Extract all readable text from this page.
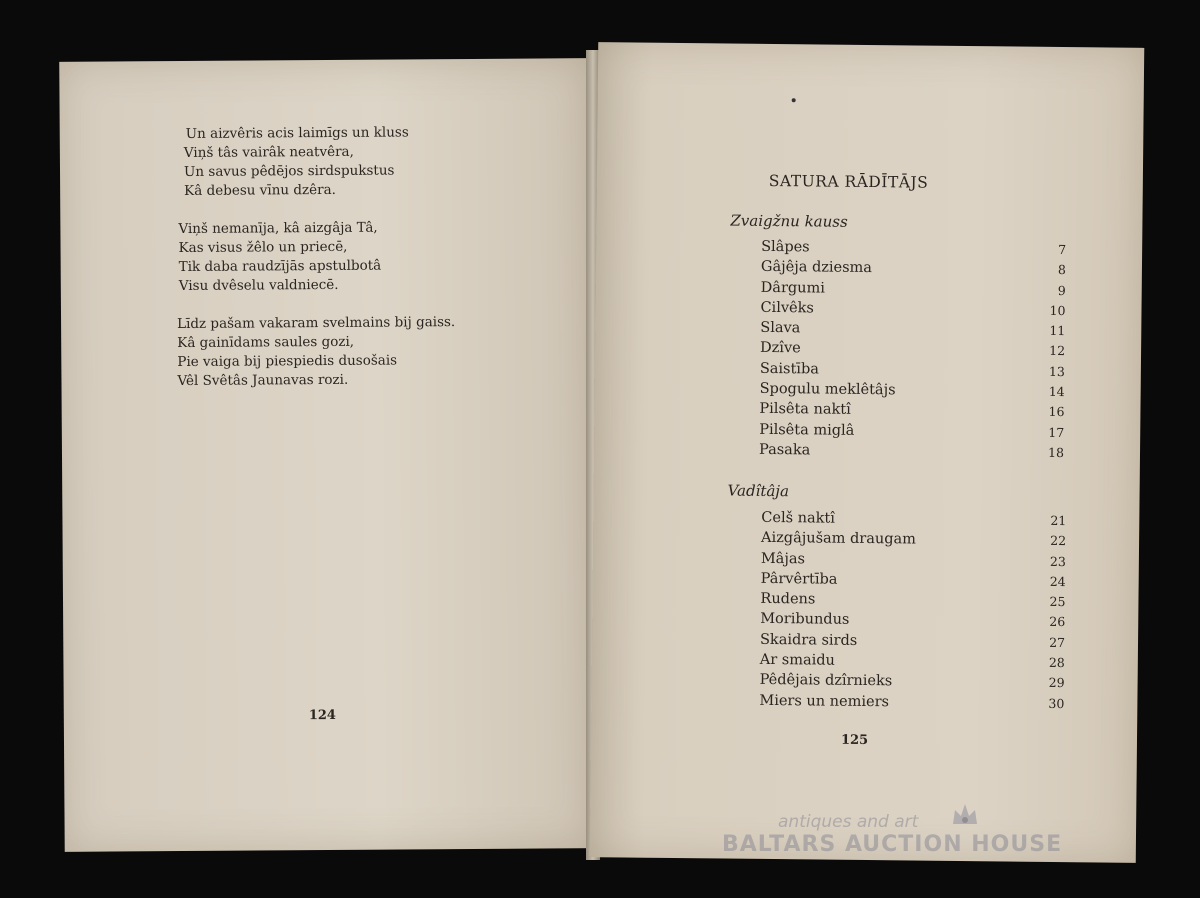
Un aizvêris acis laimīgs un kluss
Viņš tâs vairâk neatvêra,
Un savus pêdējos sirdspukstus
Kâ debesu vīnu dzêra.
Viņš nemanīja, kâ aizgâja Tâ,
Kas visus žêlo un priecē,
Tik daba raudzījās apstulbotâ
Visu dvêselu valdniecē.
Līdz pašam vakaram svelmains bij gaiss.
Kâ gainīdams saules gozi,
Pie vaiga bij piespiedis dusošais
Vêl Svêtâs Jaunavas rozi.
124
SATURA RĀDĪTĀJS
Zvaigžnu kauss
Slâpes	7
Gâjêja dziesma	8
Dârgumi	9
Cilvêks	10
Slava	11
Dzîve	12
Saistība	13
Spogulu meklêtâjs	14
Pilsêta naktî	16
Pilsêta miglâ	17
Pasaka	18
Vadîtâja
Celš naktî	21
Aizgâjušam draugam	22
Mâjas	23
Pârvêrtība	24
Rudens	25
Moribundus	26
Skaidra sirds	27
Ar smaidu	28
Pêdêjais dzîrnieks	29
Miers un nemiers	30
125
antiques and art
BALTARS AUCTION HOUSE
